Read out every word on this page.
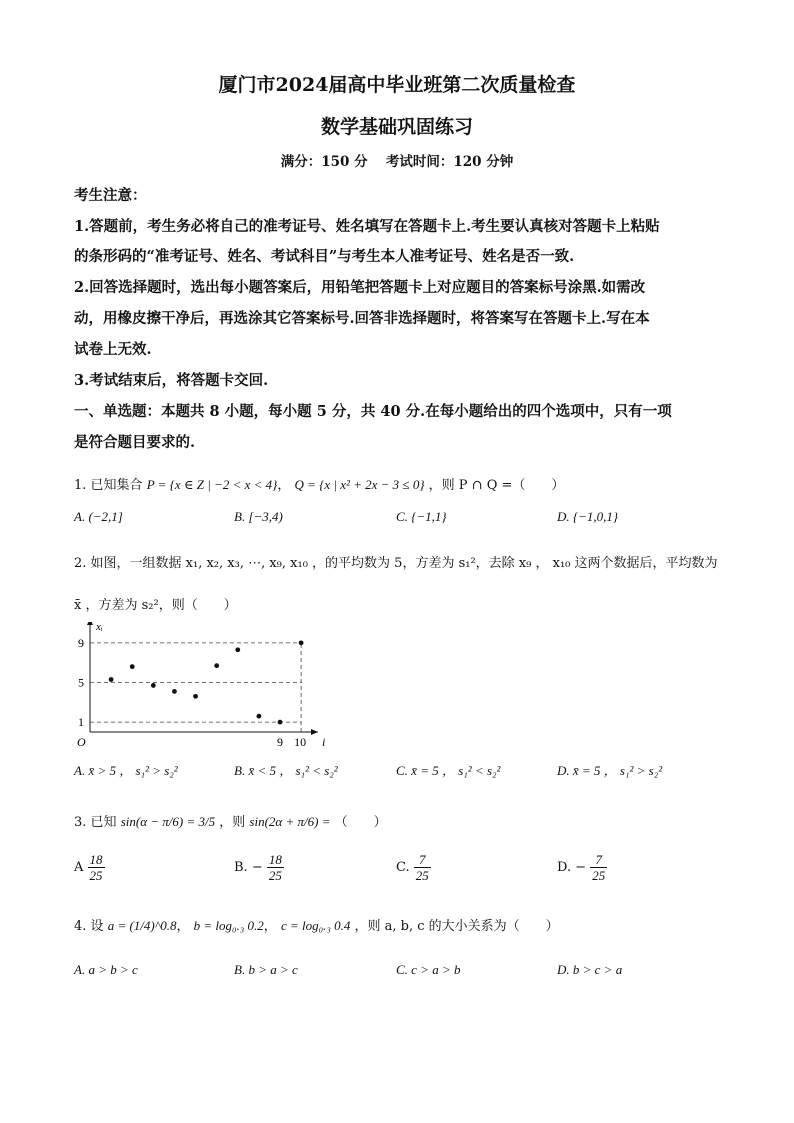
厦门市2024届高中毕业班第二次质量检查
数学基础巩固练习
满分：150 分　 考试时间：120 分钟
考生注意：
1.答题前，考生务必将自己的准考证号、姓名填写在答题卡上.考生要认真核对答题卡上粘贴
的条形码的“准考证号、姓名、考试科目”与考生本人准考证号、姓名是否一致.
2.回答选择题时，选出每小题答案后，用铅笔把答题卡上对应题目的答案标号涂黑.如需改
动，用橡皮擦干净后，再选涂其它答案标号.回答非选择题时，将答案写在答题卡上.写在本
试卷上无效.
3.考试结束后，将答题卡交回.
一、单选题：本题共 8 小题，每小题 5 分，共 40 分.在每小题给出的四个选项中，只有一项
是符合题目要求的.
1. 已知集合 P = {x ∈ Z | −2 < x < 4}， Q = {x | x² + 2x − 3 ≤ 0} ，则 P ∩ Q =（　　）
A. (−2,1]	B. [−3,4)	C. {−1,1}	D. {−1,0,1}
2. 如图，一组数据 x₁, x₂, x₃, ⋯, x₉, x₁₀ ，的平均数为 5，方差为 s₁²，去除 x₉ ， x₁₀ 这两个数据后，平均数为
x̄ ，方差为 s₂²，则（　　）
1
5
9
9 10
O	i
xᵢ
A. x̄ > 5 ， s₁² > s₂²	B. x̄ < 5 ， s₁² < s₂²	C. x̄ = 5 ， s₁² < s₂²	D. x̄ = 5 ， s₁² > s₂²
3. 已知 sin(α − π/6) = 3/5 ，则 sin(2α + π/6) = （　　）
A $\frac{18}{25}$	B. − $\frac{18}{25}$	C. $\frac{7}{25}$	D. − $\frac{7}{25}$
4. 设 a = (1/4)^0.8， b = log₀.₃ 0.2， c = log₀.₃ 0.4 ，则 a, b, c 的大小关系为（　　）
A. a > b > c	B. b > a > c	C. c > a > b	D. b > c > a
